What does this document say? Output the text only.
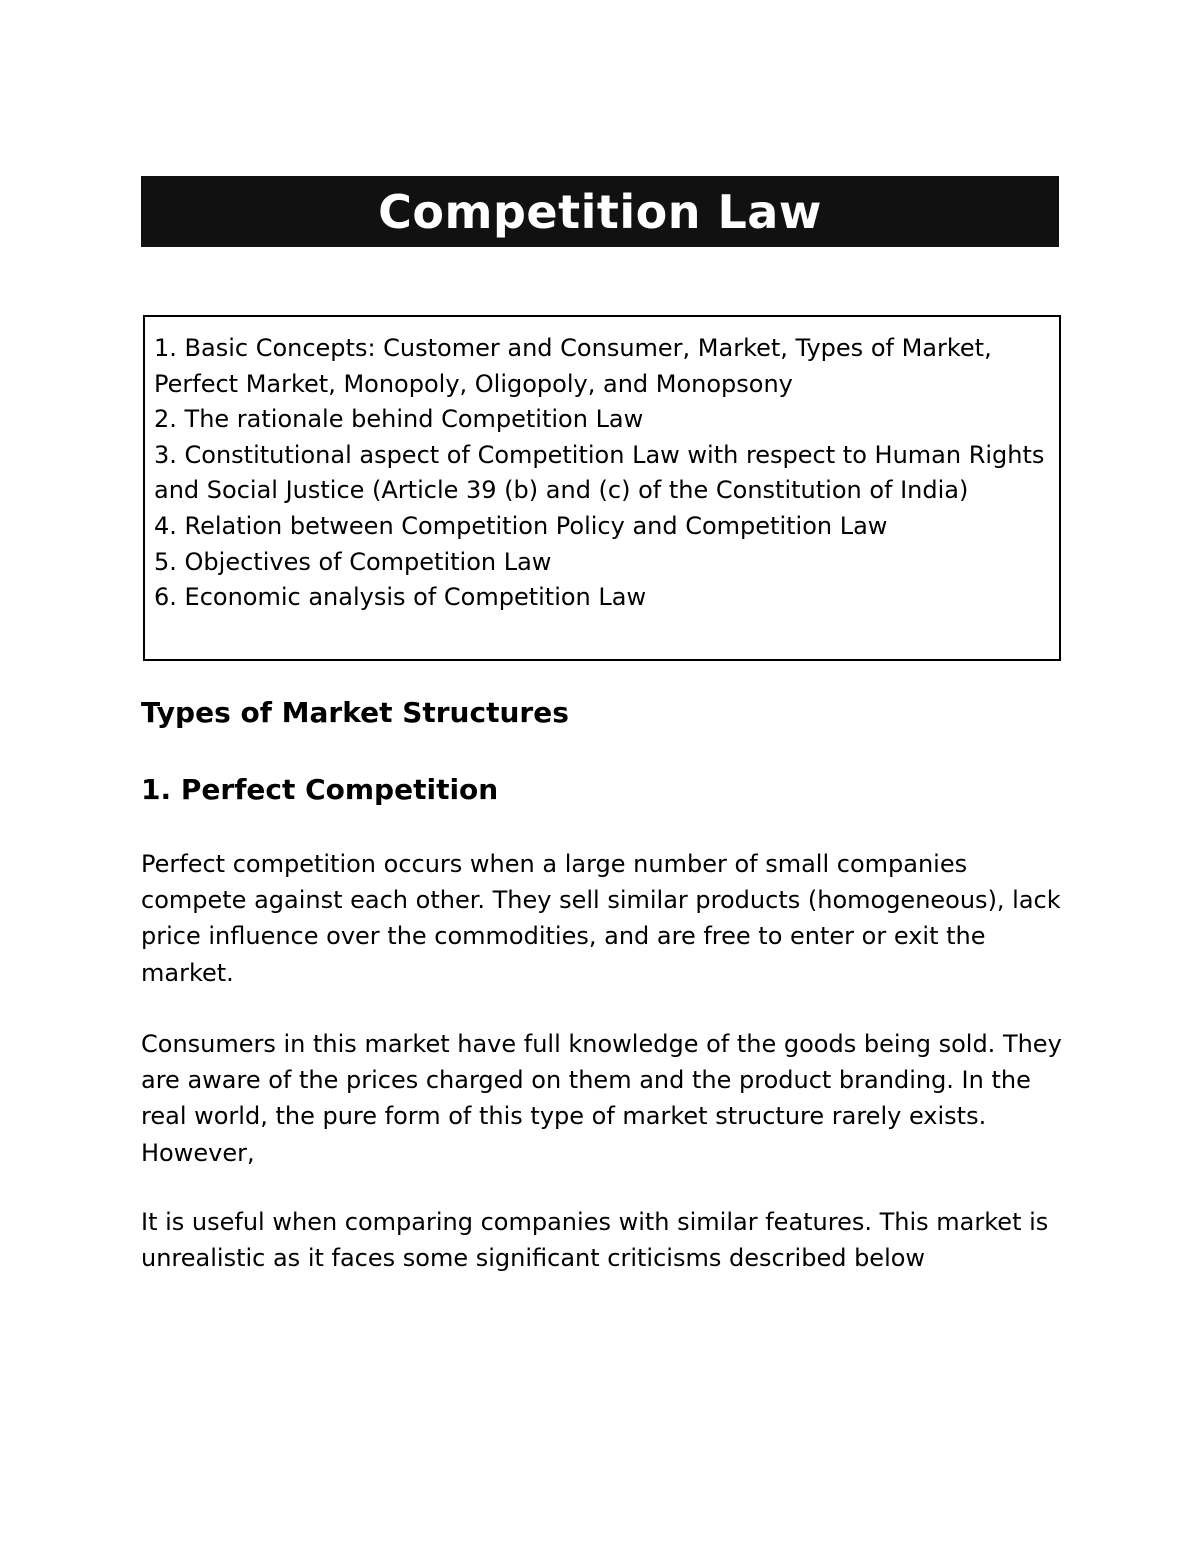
Competition Law
1. Basic Concepts: Customer and Consumer, Market, Types of Market, Perfect Market, Monopoly, Oligopoly, and Monopsony
2. The rationale behind Competition Law
3. Constitutional aspect of Competition Law with respect to Human Rights and Social Justice (Article 39 (b) and (c) of the Constitution of India)
4. Relation between Competition Policy and Competition Law
5. Objectives of Competition Law
6. Economic analysis of Competition Law
Types of Market Structures
1. Perfect Competition

Perfect competition occurs when a large number of small companies compete against each other. They sell similar products (homogeneous), lack price influence over the commodities, and are free to enter or exit the market.

Consumers in this market have full knowledge of the goods being sold. They are aware of the prices charged on them and the product branding. In the real world, the pure form of this type of market structure rarely exists. However,

It is useful when comparing companies with similar features. This market is unrealistic as it faces some significant criticisms described below
